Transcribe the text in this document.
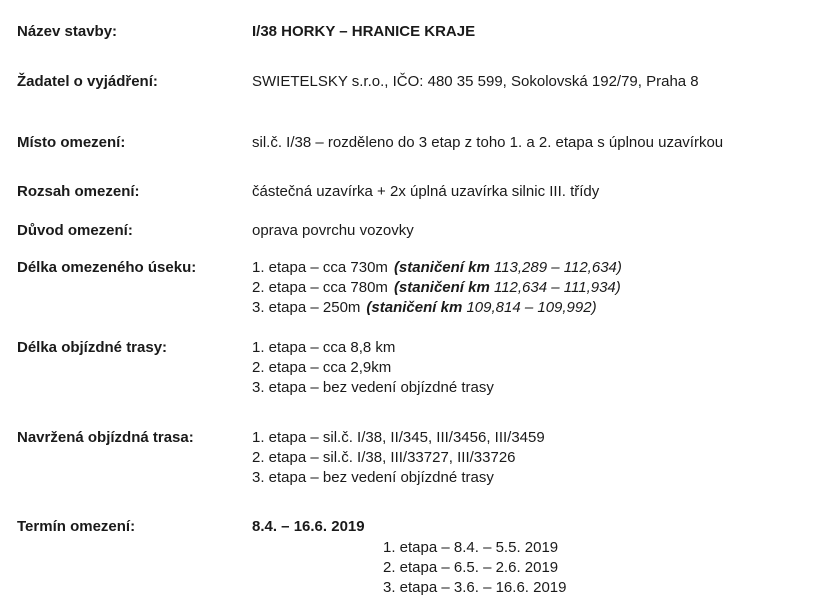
Název stavby:	I/38 HORKY – HRANICE KRAJE
Žadatel o vyjádření:	SWIETELSKY s.r.o., IČO: 480 35 599, Sokolovská 192/79, Praha 8
Místo omezení:	sil.č. I/38 – rozděleno do 3 etap z toho 1. a 2. etapa s úplnou uzavírkou
Rozsah omezení:	částečná uzavírka + 2x úplná uzavírka silnic III. třídy
Důvod omezení:	oprava povrchu vozovky
Délka omezeného úseku:	1. etapa – cca 730m (staničení km 113,289 – 112,634)
2. etapa – cca 780m (staničení km 112,634 – 111,934)
3. etapa – 250m (staničení km 109,814 – 109,992)
Délka objízdné trasy:	1. etapa – cca 8,8 km
2. etapa – cca 2,9km
3. etapa – bez vedení objízdné trasy
Navržená objízdná trasa:	1. etapa – sil.č. I/38, II/345, III/3456, III/3459
2. etapa – sil.č. I/38, III/33727, III/33726
3. etapa – bez vedení objízdné trasy
Termín omezení:	8.4. – 16.6. 2019
1. etapa – 8.4. – 5.5. 2019
2. etapa – 6.5. – 2.6. 2019
3. etapa – 3.6. – 16.6. 2019
